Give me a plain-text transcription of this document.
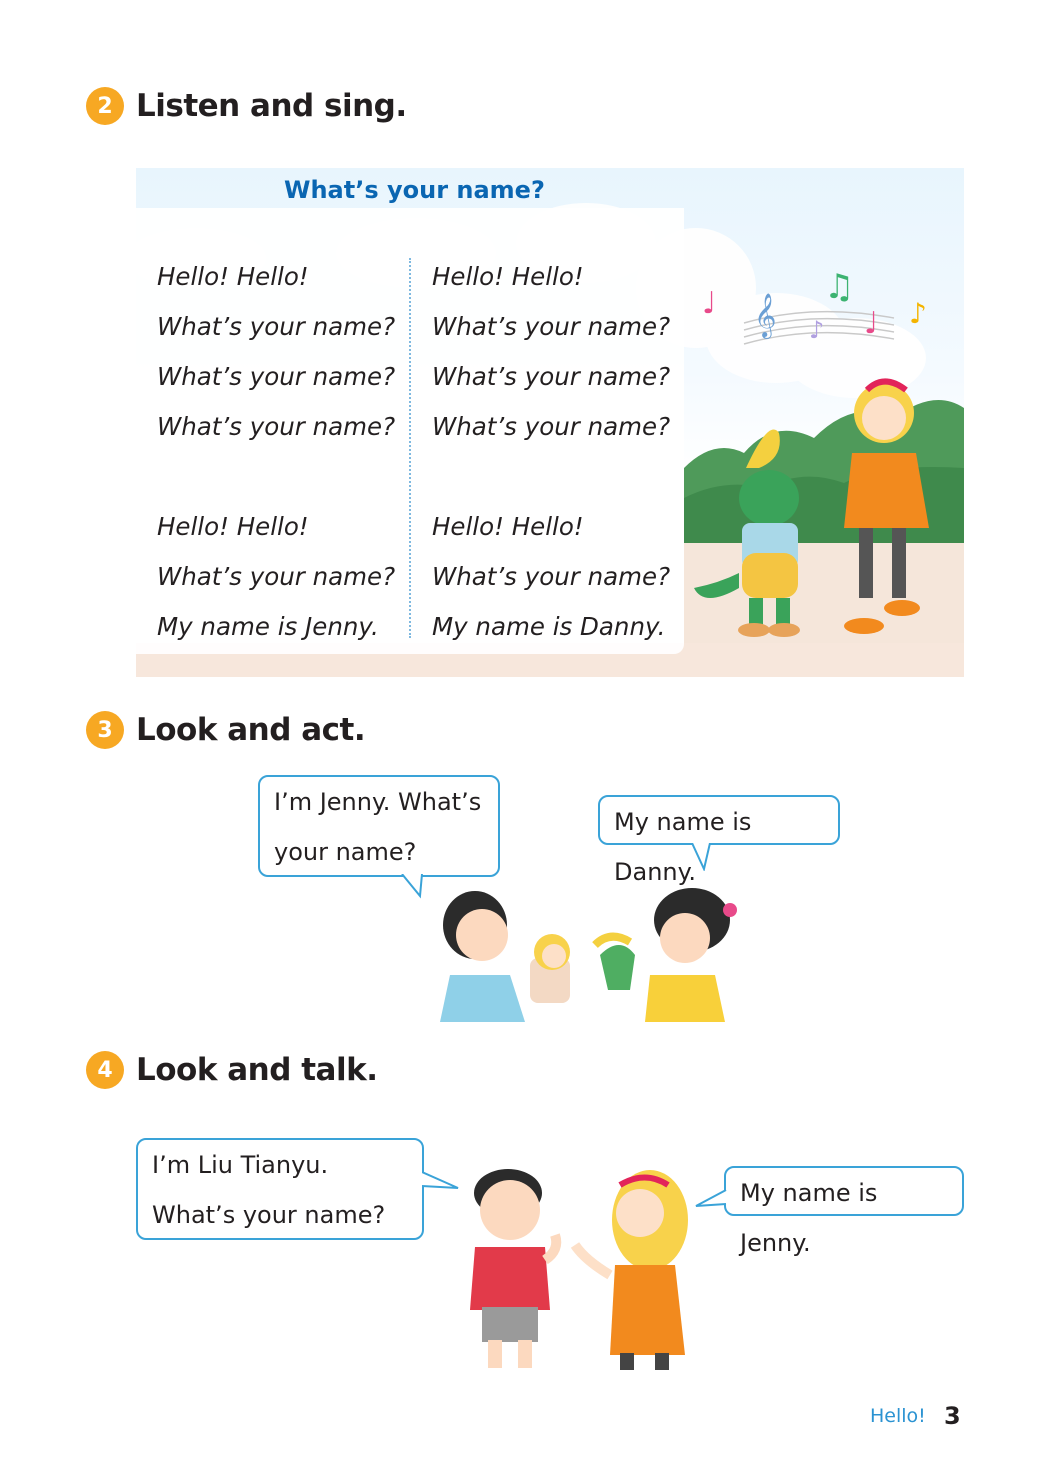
2 Listen and sing.
What’s your name?
Hello! Hello!
What’s your name?
What’s your name?
What’s your name?
Hello! Hello!
What’s your name?
My name is Jenny.
Hello! Hello!
What’s your name?
What’s your name?
What’s your name?
Hello! Hello!
What’s your name?
My name is Danny.
𝄞
♫
♩
♩ ♪
♪
3 Look and act.
I’m Jenny. What’s your name?
My name is Danny.
4 Look and talk.
I’m Liu Tianyu. What’s your name?
My name is Jenny.
Hello! 3
